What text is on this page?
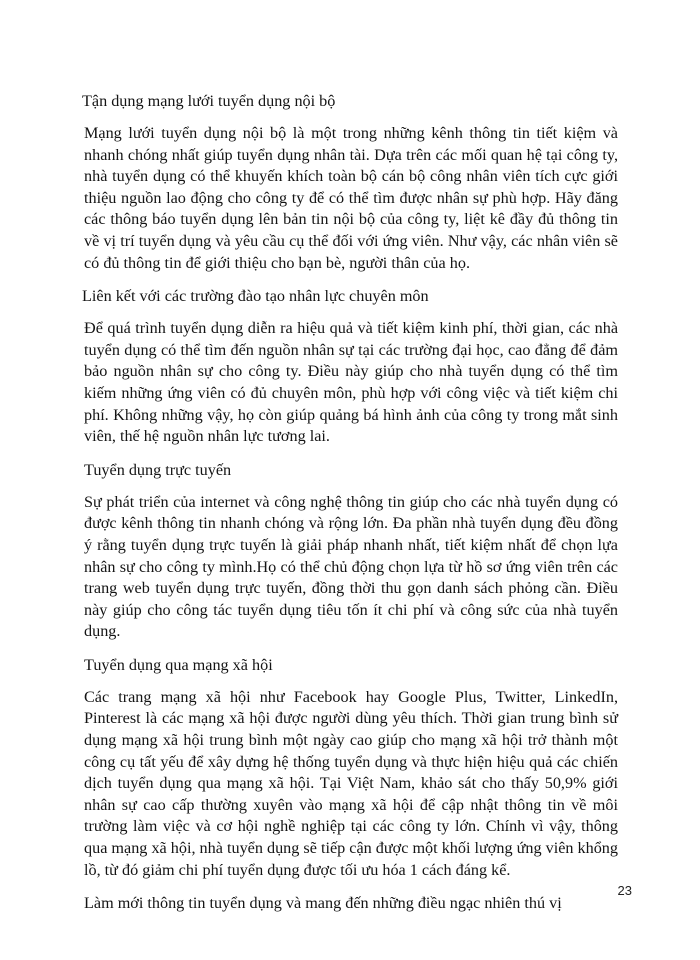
Tận dụng mạng lưới tuyển dụng nội bộ
Mạng lưới tuyển dụng nội bộ là một trong những kênh thông tin tiết kiệm và nhanh chóng nhất giúp tuyển dụng nhân tài. Dựa trên các mối quan hệ tại công ty, nhà tuyển dụng có thể khuyến khích toàn bộ cán bộ công nhân viên tích cực giới thiệu nguồn lao động cho công ty để có thể tìm được nhân sự phù hợp. Hãy đăng các thông báo tuyển dụng lên bản tin nội bộ của công ty, liệt kê đầy đủ thông tin về vị trí tuyển dụng và yêu cầu cụ thể đối với ứng viên. Như vậy, các nhân viên sẽ có đủ thông tin để giới thiệu cho bạn bè, người thân của họ.
Liên kết với các trường đào tạo nhân lực chuyên môn
Để quá trình tuyển dụng diễn ra hiệu quả và tiết kiệm kinh phí, thời gian, các nhà tuyển dụng có thể tìm đến nguồn nhân sự tại các trường đại học, cao đẳng để đảm bảo nguồn nhân sự cho công ty. Điều này giúp cho nhà tuyển dụng có thể tìm kiếm những ứng viên có đủ chuyên môn, phù hợp với công việc và tiết kiệm chi phí. Không những vậy, họ còn giúp quảng bá hình ảnh của công ty trong mắt sinh viên, thế hệ nguồn nhân lực tương lai.
Tuyển dụng trực tuyến
Sự phát triển của internet và công nghệ thông tin giúp cho các nhà tuyển dụng có được kênh thông tin nhanh chóng và rộng lớn. Đa phần nhà tuyển dụng đều đồng ý rằng tuyển dụng trực tuyến là giải pháp nhanh nhất, tiết kiệm nhất để chọn lựa nhân sự cho công ty mình.Họ có thể chủ động chọn lựa từ hồ sơ ứng viên trên các trang web tuyển dụng trực tuyến, đồng thời thu gọn danh sách phỏng cần. Điều này giúp cho công tác tuyển dụng tiêu tốn ít chi phí và công sức của nhà tuyển dụng.
Tuyển dụng qua mạng xã hội
Các trang mạng xã hội như Facebook hay Google Plus, Twitter, LinkedIn, Pinterest là các mạng xã hội được người dùng yêu thích. Thời gian trung bình sử dụng mạng xã hội trung bình một ngày cao giúp cho mạng xã hội trở thành một công cụ tất yếu để xây dựng hệ thống tuyển dụng và thực hiện hiệu quả các chiến dịch tuyển dụng qua mạng xã hội. Tại Việt Nam, khảo sát cho thấy 50,9% giới nhân sự cao cấp thường xuyên vào mạng xã hội để cập nhật thông tin về môi trường làm việc và cơ hội nghề nghiệp tại các công ty lớn. Chính vì vậy, thông qua mạng xã hội, nhà tuyển dụng sẽ tiếp cận được một khối lượng ứng viên khổng lồ, từ đó giảm chi phí tuyển dụng được tối ưu hóa 1 cách đáng kể.
Làm mới thông tin tuyển dụng và mang đến những điều ngạc nhiên thú vị
23
